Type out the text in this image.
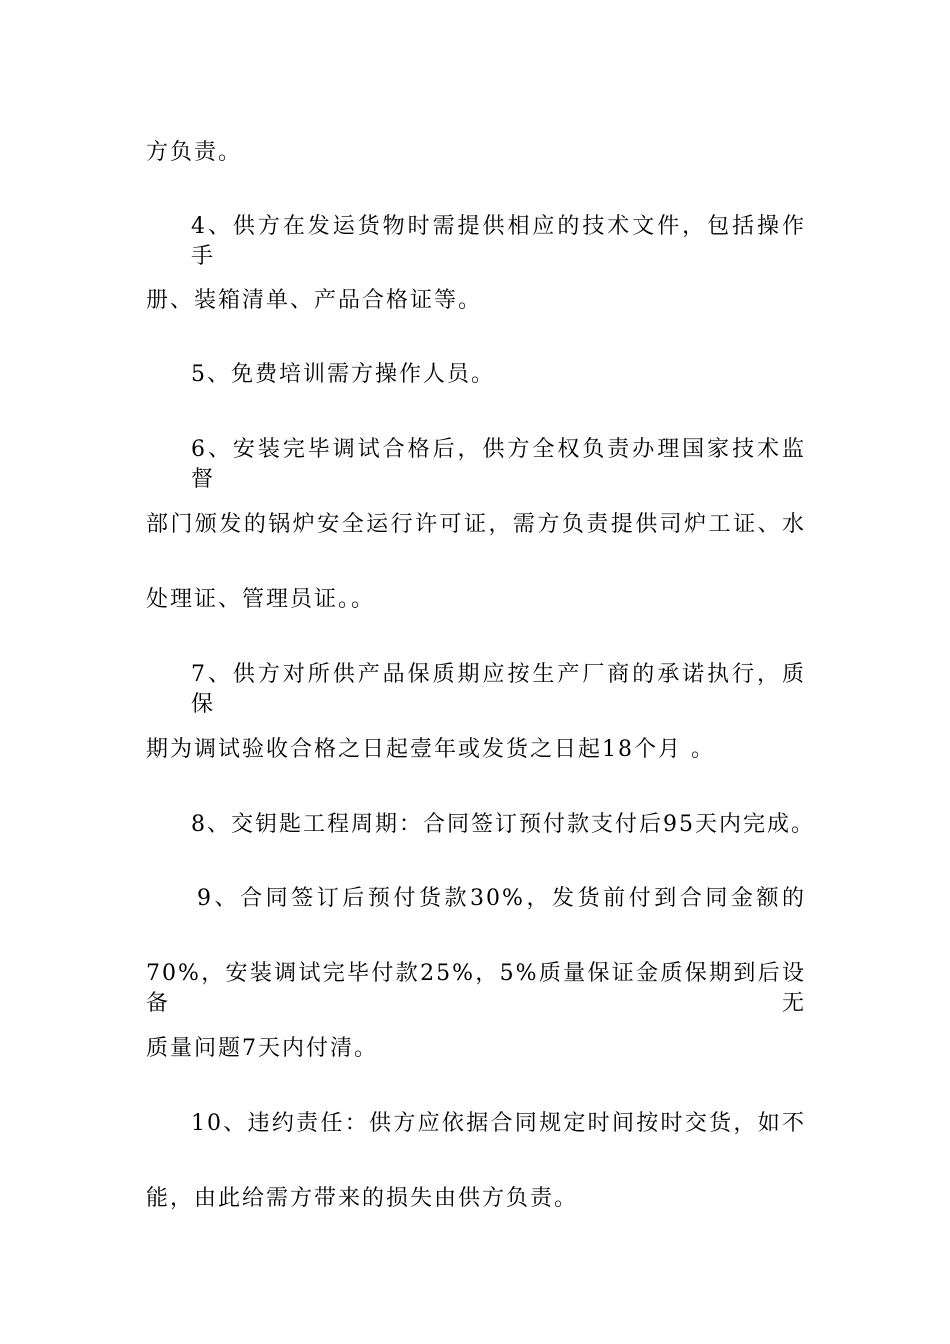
方负责。
4、供方在发运货物时需提供相应的技术文件，包括操作手
册、装箱清单、产品合格证等。
5、免费培训需方操作人员。
6、安装完毕调试合格后，供方全权负责办理国家技术监督
部门颁发的锅炉安全运行许可证，需方负责提供司炉工证、水
处理证、管理员证。。
7、供方对所供产品保质期应按生产厂商的承诺执行，质保
期为调试验收合格之日起壹年或发货之日起18个月 。
8、交钥匙工程周期：合同签订预付款支付后95天内完成。
9、合同签订后预付货款30%，发货前付到合同金额的
70%，安装调试完毕付款25%，5%质量保证金质保期到后设备无
质量问题7天内付清。
10、违约责任：供方应依据合同规定时间按时交货，如不
能，由此给需方带来的损失由供方负责。
